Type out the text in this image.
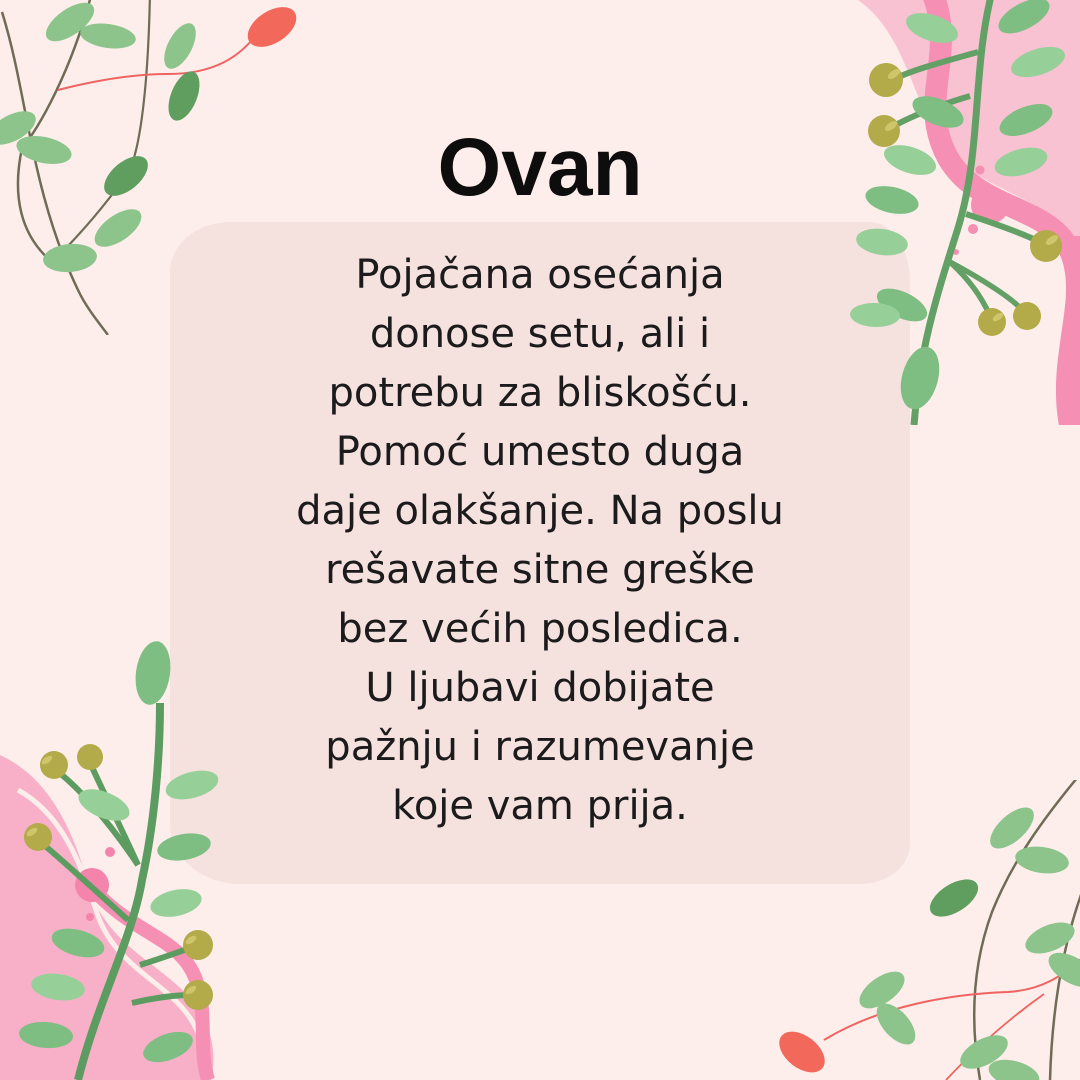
Ovan
Pojačana osećanja
donose setu, ali i
potrebu za bliskošću.
Pomoć umesto duga
daje olakšanje. Na poslu
rešavate sitne greške
bez većih posledica.
U ljubavi dobijate
pažnju i razumevanje
koje vam prija.
